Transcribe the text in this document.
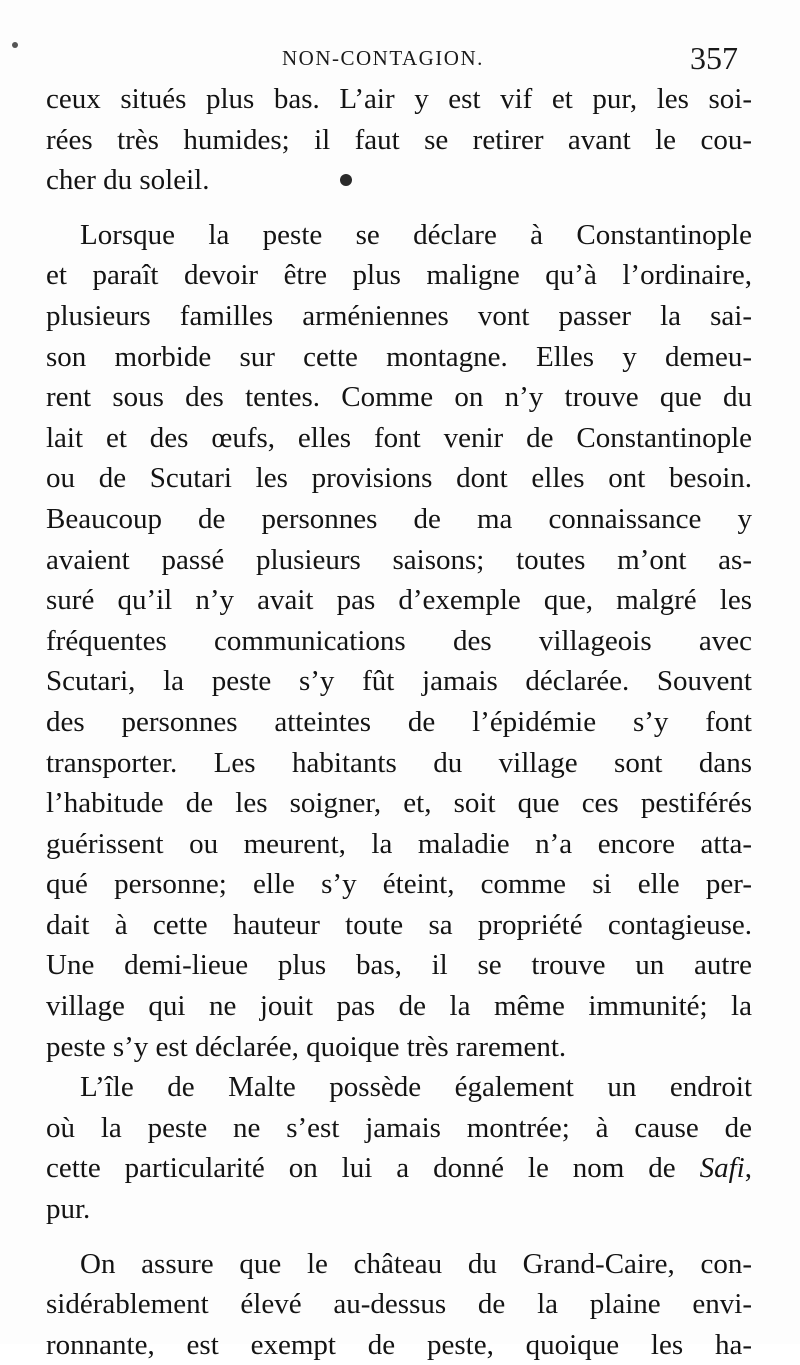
NON-CONTAGION.	357
ceux situés plus bas. L’air y est vif et pur, les soi-
rées très humides; il faut se retirer avant le cou-
cher du soleil.
Lorsque la peste se déclare à Constantinople
et paraît devoir être plus maligne qu’à l’ordinaire,
plusieurs familles arméniennes vont passer la sai-
son morbide sur cette montagne. Elles y demeu-
rent sous des tentes. Comme on n’y trouve que du
lait et des œufs, elles font venir de Constantinople
ou de Scutari les provisions dont elles ont besoin.
Beaucoup de personnes de ma connaissance y
avaient passé plusieurs saisons; toutes m’ont as-
suré qu’il n’y avait pas d’exemple que, malgré les
fréquentes communications des villageois avec
Scutari, la peste s’y fût jamais déclarée. Souvent
des personnes atteintes de l’épidémie s’y font
transporter. Les habitants du village sont dans
l’habitude de les soigner, et, soit que ces pestiférés
guérissent ou meurent, la maladie n’a encore atta-
qué personne; elle s’y éteint, comme si elle per-
dait à cette hauteur toute sa propriété contagieuse.
Une demi-lieue plus bas, il se trouve un autre
village qui ne jouit pas de la même immunité; la
peste s’y est déclarée, quoique très rarement.
L’île de Malte possède également un endroit
où la peste ne s’est jamais montrée; à cause de
cette particularité on lui a donné le nom de Safi,
pur.
On assure que le château du Grand-Caire, con-
sidérablement élevé au-dessus de la plaine envi-
ronnante, est exempt de peste, quoique les ha-
